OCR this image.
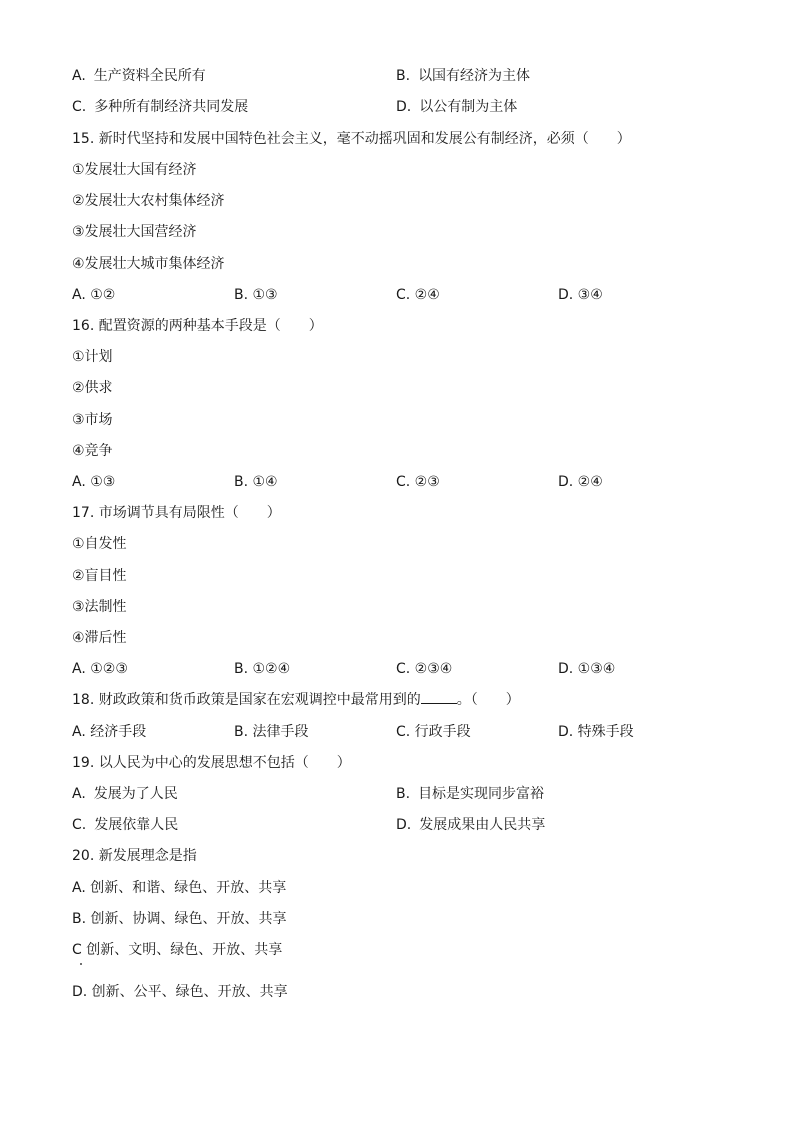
A. 生产资料全民所有	B. 以国有经济为主体
C. 多种所有制经济共同发展	D. 以公有制为主体
15. 新时代坚持和发展中国特色社会主义，毫不动摇巩固和发展公有制经济，必须（　　）
①发展壮大国有经济
②发展壮大农村集体经济
③发展壮大国营经济
④发展壮大城市集体经济
A. ①②	B. ①③	C. ②④	D. ③④
16. 配置资源的两种基本手段是（　　）
①计划
②供求
③市场
④竞争
A. ①③	B. ①④	C. ②③	D. ②④
17. 市场调节具有局限性（　　）
①自发性
②盲目性
③法制性
④滞后性
A. ①②③	B. ①②④	C. ②③④	D. ①③④
18. 财政政策和货币政策是国家在宏观调控中最常用到的	。（　　）
A. 经济手段	B. 法律手段	C. 行政手段	D. 特殊手段
19. 以人民为中心的发展思想不包括（　　）
A. 发展为了人民	B. 目标是实现同步富裕
C. 发展依靠人民	D. 发展成果由人民共享
20. 新发展理念是指
A. 创新、和谐、绿色、开放、共享
B. 创新、协调、绿色、开放、共享
C 创新、文明、绿色、开放、共享
D. 创新、公平、绿色、开放、共享
